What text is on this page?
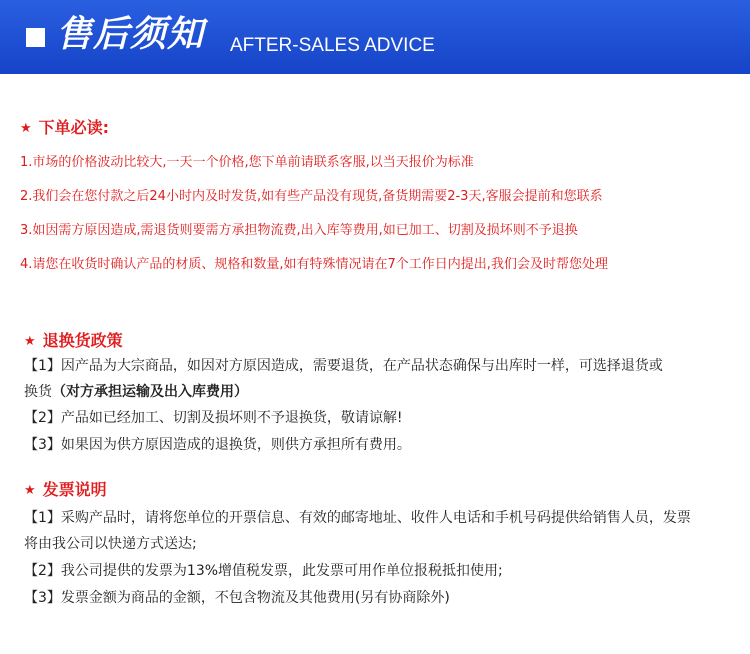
售后须知 AFTER-SALES ADVICE
★ 下单必读:
1.市场的价格波动比较大,一天一个价格,您下单前请联系客服,以当天报价为标准
2.我们会在您付款之后24小时内及时发货,如有些产品没有现货,备货期需要2-3天,客服会提前和您联系
3.如因需方原因造成,需退货则要需方承担物流费,出入库等费用,如已加工、切割及损坏则不予退换
4.请您在收货时确认产品的材质、规格和数量,如有特殊情况请在7个工作日内提出,我们会及时帮您处理
★ 退换货政策
【1】因产品为大宗商品，如因对方原因造成，需要退货，在产品状态确保与出库时一样，可选择退货或
换货（对方承担运输及出入库费用）
【2】产品如已经加工、切割及损坏则不予退换货，敬请谅解!
【3】如果因为供方原因造成的退换货，则供方承担所有费用。
★ 发票说明
【1】采购产品时，请将您单位的开票信息、有效的邮寄地址、收件人电话和手机号码提供给销售人员，发票
将由我公司以快递方式送达;
【2】我公司提供的发票为13%增值税发票，此发票可用作单位报税抵扣使用;
【3】发票金额为商品的金额，不包含物流及其他费用(另有协商除外)
